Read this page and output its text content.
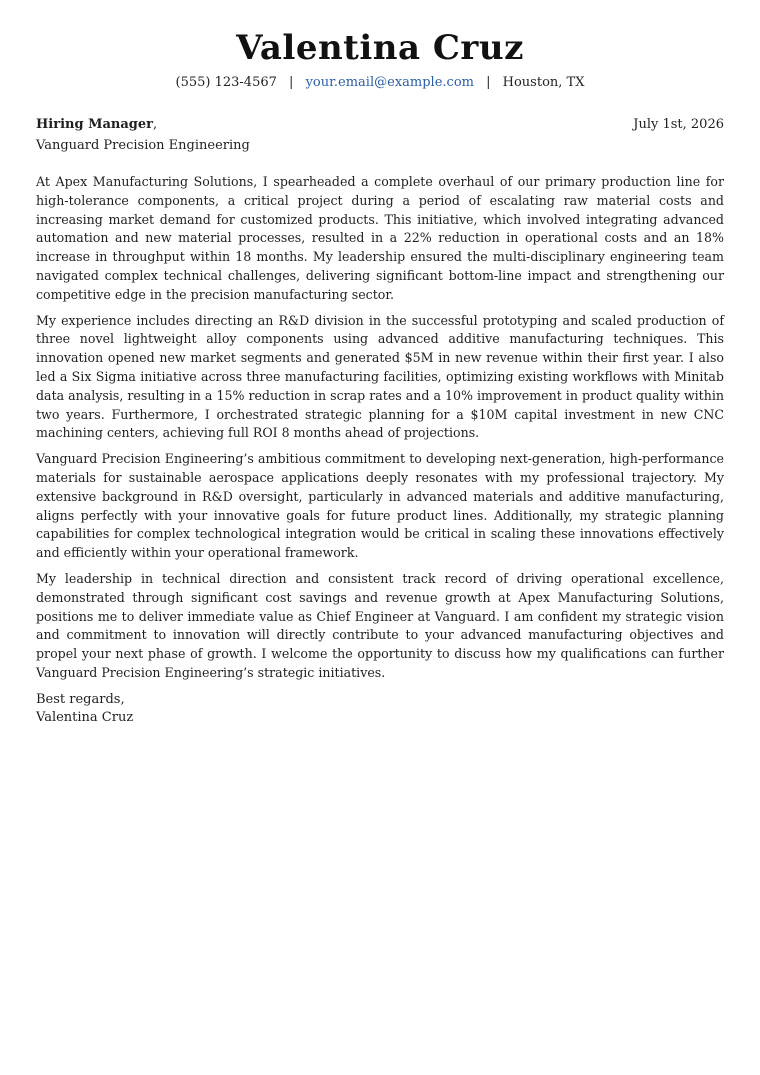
Valentina Cruz
(555) 123-4567 | your.email@example.com | Houston, TX
Hiring Manager,	July 1st, 2026
Vanguard Precision Engineering

At Apex Manufacturing Solutions, I spearheaded a complete overhaul of our primary production line for high-tolerance components, a critical project during a period of escalating raw material costs and increasing market demand for customized products. This initiative, which involved integrating advanced automation and new material processes, resulted in a 22% reduction in operational costs and an 18% increase in throughput within 18 months. My leadership ensured the multi-disciplinary engineering team navigated complex technical challenges, delivering significant bottom-line impact and strengthening our competitive edge in the precision manufacturing sector.

My experience includes directing an R&D division in the successful prototyping and scaled production of three novel lightweight alloy components using advanced additive manufacturing techniques. This innovation opened new market segments and generated $5M in new revenue within their first year. I also led a Six Sigma initiative across three manufacturing facilities, optimizing existing workflows with Minitab data analysis, resulting in a 15% reduction in scrap rates and a 10% improvement in product quality within two years. Furthermore, I orchestrated strategic planning for a $10M capital investment in new CNC machining centers, achieving full ROI 8 months ahead of projections.

Vanguard Precision Engineering’s ambitious commitment to developing next-generation, high-performance materials for sustainable aerospace applications deeply resonates with my professional trajectory. My extensive background in R&D oversight, particularly in advanced materials and additive manufacturing, aligns perfectly with your innovative goals for future product lines. Additionally, my strategic planning capabilities for complex technological integration would be critical in scaling these innovations effectively and efficiently within your operational framework.

My leadership in technical direction and consistent track record of driving operational excellence, demonstrated through significant cost savings and revenue growth at Apex Manufacturing Solutions, positions me to deliver immediate value as Chief Engineer at Vanguard. I am confident my strategic vision and commitment to innovation will directly contribute to your advanced manufacturing objectives and propel your next phase of growth. I welcome the opportunity to discuss how my qualifications can further Vanguard Precision Engineering’s strategic initiatives.

Best regards,
Valentina Cruz
